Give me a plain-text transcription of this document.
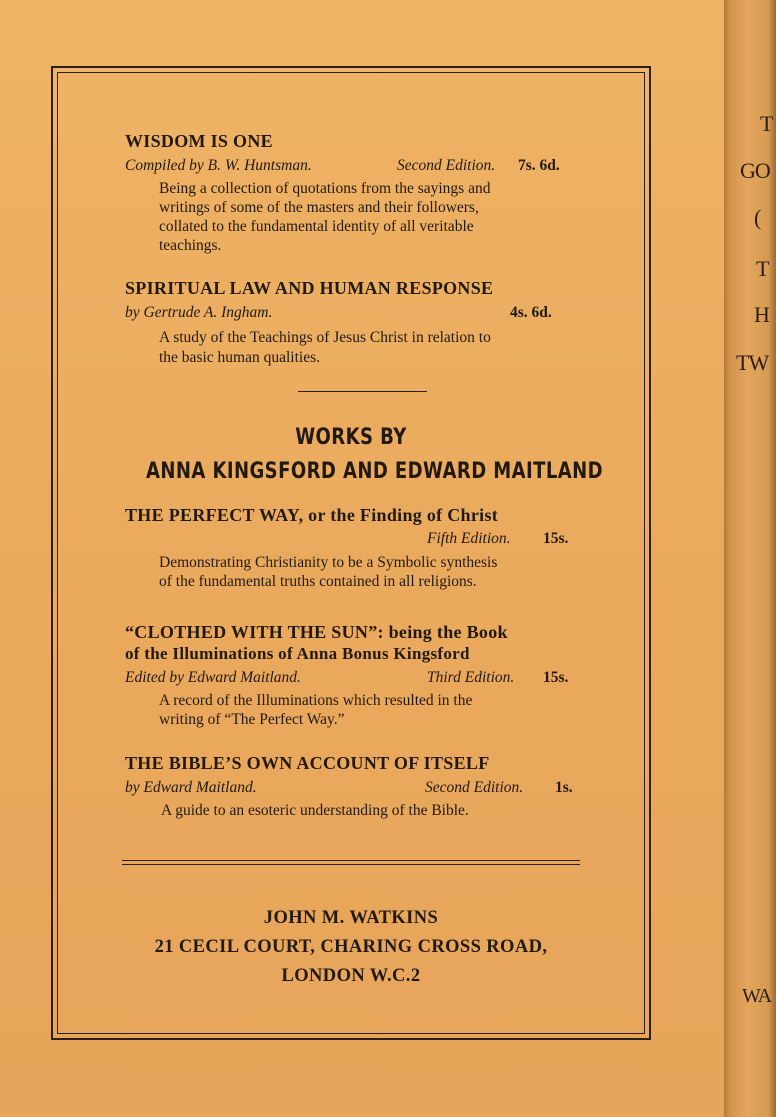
T
GO
(
T
H
TW
WA
WISDOM IS ONE
Compiled by B. W. Huntsman.	Second Edition. 7s. 6d.
Being a collection of quotations from the sayings and
writings of some of the masters and their followers,
collated to the fundamental identity of all veritable
teachings.
SPIRITUAL LAW AND HUMAN RESPONSE
by Gertrude A. Ingham.	4s. 6d.
A study of the Teachings of Jesus Christ in relation to
the basic human qualities.
WORKS BY
ANNA KINGSFORD AND EDWARD MAITLAND
THE PERFECT WAY, or the Finding of Christ
Fifth Edition. 15s.
Demonstrating Christianity to be a Symbolic synthesis
of the fundamental truths contained in all religions.
“CLOTHED WITH THE SUN”: being the Book
of the Illuminations of Anna Bonus Kingsford
Edited by Edward Maitland.	Third Edition. 15s.
A record of the Illuminations which resulted in the
writing of “The Perfect Way.”
THE BIBLE’S OWN ACCOUNT OF ITSELF
by Edward Maitland.	Second Edition. 1s.
A guide to an esoteric understanding of the Bible.
JOHN M. WATKINS
21 CECIL COURT, CHARING CROSS ROAD,
LONDON W.C.2
